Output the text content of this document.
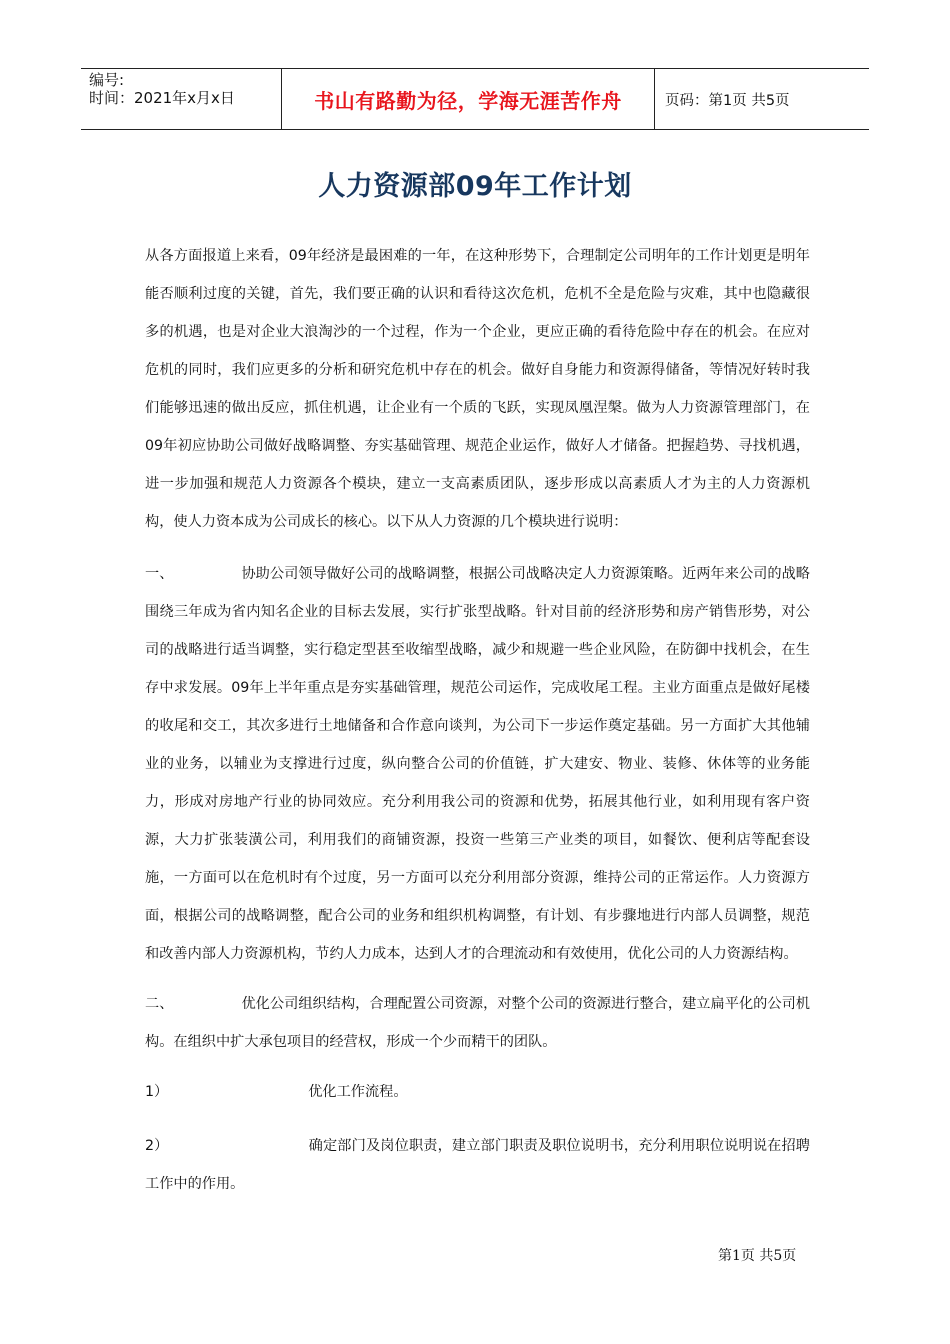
编号:
时间：2021年x月x日	书山有路勤为径，学海无涯苦作舟	页码：第1页 共5页
人力资源部09年工作计划

从各方面报道上来看，09年经济是最困难的一年，在这种形势下，合理制定公司明年的工作计划更是明年能否顺利过度的关键，首先，我们要正确的认识和看待这次危机，危机不全是危险与灾难，其中也隐藏很多的机遇，也是对企业大浪淘沙的一个过程，作为一个企业，更应正确的看待危险中存在的机会。在应对危机的同时，我们应更多的分析和研究危机中存在的机会。做好自身能力和资源得储备，等情况好转时我们能够迅速的做出反应，抓住机遇，让企业有一个质的飞跃，实现凤凰涅槃。做为人力资源管理部门，在09年初应协助公司做好战略调整、夯实基础管理、规范企业运作，做好人才储备。把握趋势、寻找机遇，进一步加强和规范人力资源各个模块，建立一支高素质团队，逐步形成以高素质人才为主的人力资源机构，使人力资本成为公司成长的核心。以下从人力资源的几个模块进行说明：

一、	协助公司领导做好公司的战略调整，根据公司战略决定人力资源策略。近两年来公司的战略围绕三年成为省内知名企业的目标去发展，实行扩张型战略。针对目前的经济形势和房产销售形势，对公司的战略进行适当调整，实行稳定型甚至收缩型战略，减少和规避一些企业风险，在防御中找机会，在生存中求发展。09年上半年重点是夯实基础管理，规范公司运作，完成收尾工程。主业方面重点是做好尾楼的收尾和交工，其次多进行土地储备和合作意向谈判，为公司下一步运作奠定基础。另一方面扩大其他辅业的业务，以辅业为支撑进行过度，纵向整合公司的价值链，扩大建安、物业、装修、休体等的业务能力，形成对房地产行业的协同效应。充分利用我公司的资源和优势，拓展其他行业，如利用现有客户资源，大力扩张装潢公司，利用我们的商铺资源，投资一些第三产业类的项目，如餐饮、便利店等配套设施，一方面可以在危机时有个过度，另一方面可以充分利用部分资源，维持公司的正常运作。人力资源方面，根据公司的战略调整，配合公司的业务和组织机构调整，有计划、有步骤地进行内部人员调整，规范和改善内部人力资源机构，节约人力成本，达到人才的合理流动和有效使用，优化公司的人力资源结构。

二、	优化公司组织结构，合理配置公司资源，对整个公司的资源进行整合，建立扁平化的公司机构。在组织中扩大承包项目的经营权，形成一个少而精干的团队。

1）	优化工作流程。

2）	确定部门及岗位职责，建立部门职责及职位说明书，充分利用职位说明说在招聘工作中的作用。

第1页 共5页
